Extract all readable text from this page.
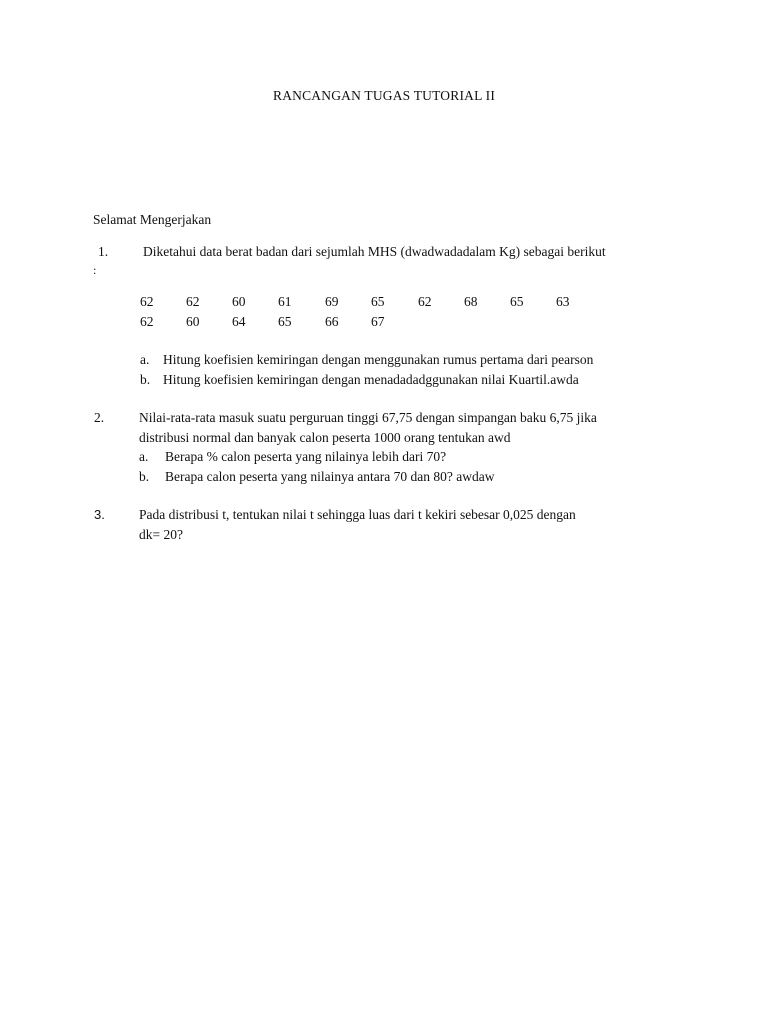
RANCANGAN TUGAS TUTORIAL II
Selamat Mengerjakan
1.	Diketahui data berat badan dari sejumlah MHS (dwadwadadalam Kg) sebagai berikut
:
62 62 60 61 69 65 62 68 65 63
62 60 64 65 66 67
a. Hitung koefisien kemiringan dengan menggunakan rumus pertama dari pearson
b. Hitung koefisien kemiringan dengan menadadadggunakan nilai Kuartil.awda
2.	Nilai-rata-rata masuk suatu perguruan tinggi 67,75 dengan simpangan baku 6,75 jika
distribusi normal dan banyak calon peserta 1000 orang tentukan awd
a. Berapa % calon peserta yang nilainya lebih dari 70?
b. Berapa calon peserta yang nilainya antara 70 dan 80? awdaw
3.	Pada distribusi t, tentukan nilai t sehingga luas dari t kekiri sebesar 0,025 dengan
dk= 20?
